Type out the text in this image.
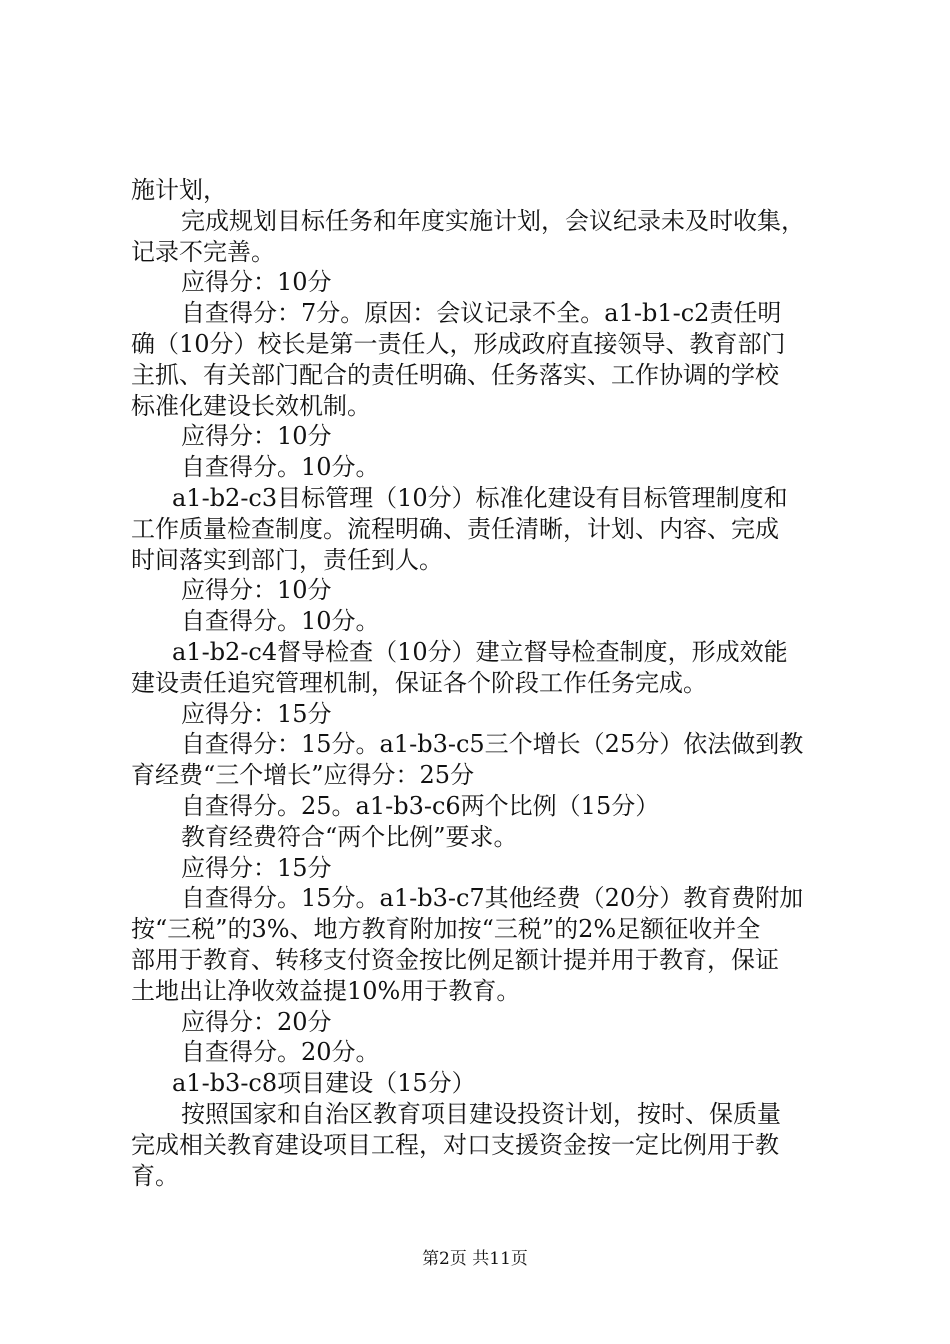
施计划，
完成规划目标任务和年度实施计划，会议纪录未及时收集，
记录不完善。
应得分：10分
自查得分：7分。原因：会议记录不全。a1-b1-c2责任明
确（10分）校长是第一责任人，形成政府直接领导、教育部门
主抓、有关部门配合的责任明确、任务落实、工作协调的学校
标准化建设长效机制。
应得分：10分
自查得分。10分。
a1-b2-c3目标管理（10分）标准化建设有目标管理制度和
工作质量检查制度。流程明确、责任清晰，计划、内容、完成
时间落实到部门，责任到人。
应得分：10分
自查得分。10分。
a1-b2-c4督导检查（10分）建立督导检查制度，形成效能
建设责任追究管理机制，保证各个阶段工作任务完成。
应得分：15分
自查得分：15分。a1-b3-c5三个增长（25分）依法做到教
育经费“三个增长”应得分：25分
自查得分。25。a1-b3-c6两个比例（15分）
教育经费符合“两个比例”要求。
应得分：15分
自查得分。15分。a1-b3-c7其他经费（20分）教育费附加
按“三税”的3%、地方教育附加按“三税”的2%足额征收并全
部用于教育、转移支付资金按比例足额计提并用于教育，保证
土地出让净收效益提10%用于教育。
应得分：20分
自查得分。20分。
a1-b3-c8项目建设（15分）
按照国家和自治区教育项目建设投资计划，按时、保质量
完成相关教育建设项目工程，对口支援资金按一定比例用于教
育。
第2页 共11页
